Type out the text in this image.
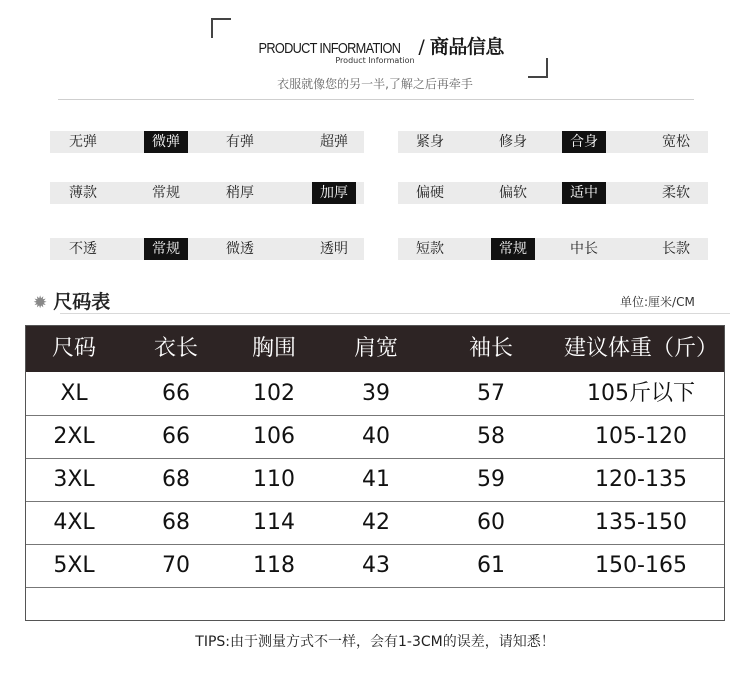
PRODUCT INFORMATION / 商品信息
Product Information
衣服就像您的另一半,了解之后再牵手
无弹	微弹	有弹	超弹	紧身	修身	合身	宽松
薄款	常规	稍厚	加厚	偏硬	偏软	适中	柔软
不透	常规	微透	透明	短款	常规	中长	长款
✹ 尺码表	单位:厘米/CM
尺码	衣长	胸围	肩宽	袖长	建议体重（斤）
XL	66	102	39	57	105斤以下
2XL	66	106	40	58	105-120
3XL	68	110	41	59	120-135
4XL	68	114	42	60	135-150
5XL	70	118	43	61	150-165
TIPS:由于测量方式不一样，会有1-3CM的误差，请知悉！
